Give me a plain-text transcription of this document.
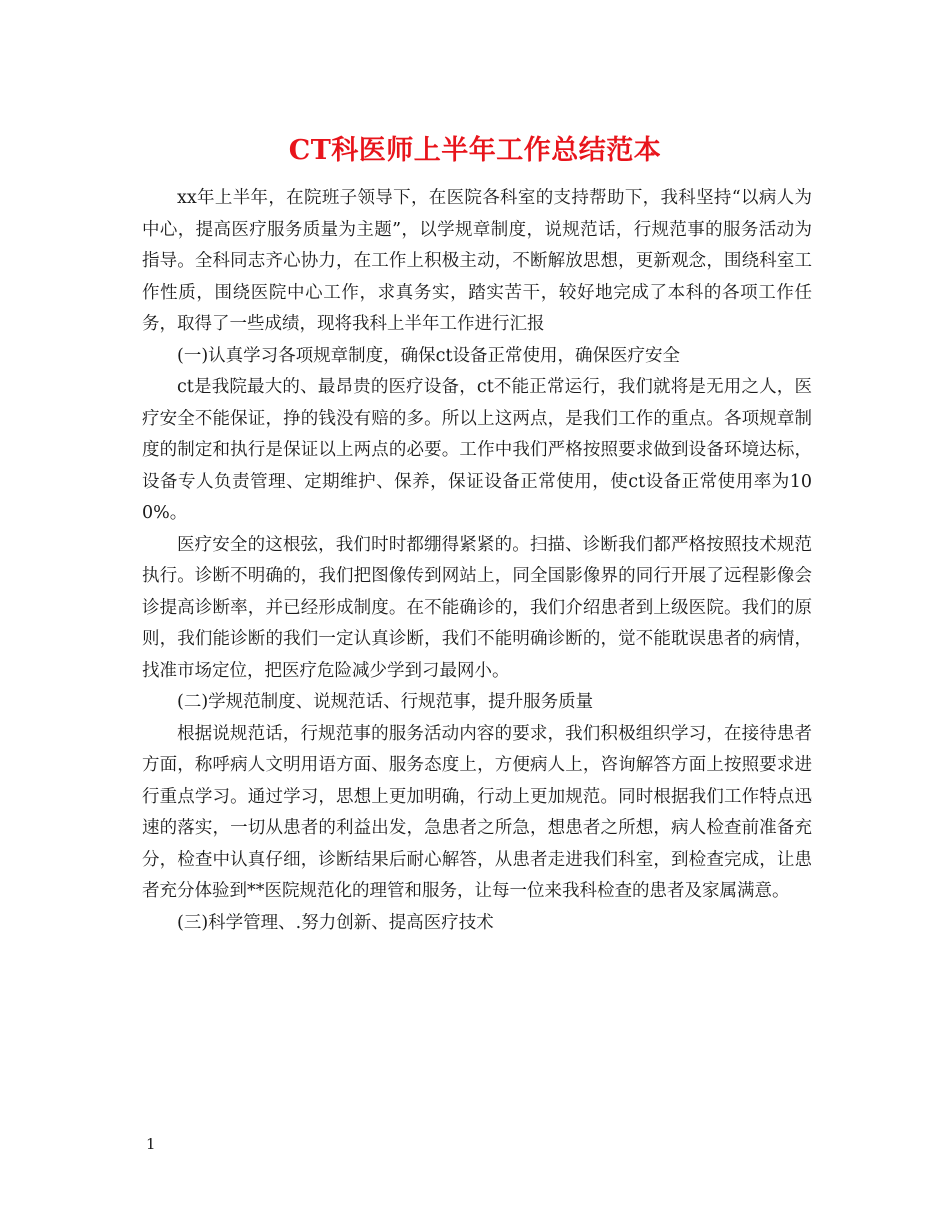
CT科医师上半年工作总结范本

xx年上半年，在院班子领导下，在医院各科室的支持帮助下，我科坚持“以病人为中心，提高医疗服务质量为主题”，以学规章制度，说规范话，行规范事的服务活动为指导。全科同志齐心协力，在工作上积极主动，不断解放思想，更新观念，围绕科室工作性质，围绕医院中心工作，求真务实，踏实苦干，较好地完成了本科的各项工作任务，取得了一些成绩，现将我科上半年工作进行汇报

(一)认真学习各项规章制度，确保ct设备正常使用，确保医疗安全

ct是我院最大的、最昂贵的医疗设备，ct不能正常运行，我们就将是无用之人，医疗安全不能保证，挣的钱没有赔的多。所以上这两点，是我们工作的重点。各项规章制度的制定和执行是保证以上两点的必要。工作中我们严格按照要求做到设备环境达标，设备专人负责管理、定期维护、保养，保证设备正常使用，使ct设备正常使用率为100%。

医疗安全的这根弦，我们时时都绷得紧紧的。扫描、诊断我们都严格按照技术规范执行。诊断不明确的，我们把图像传到网站上，同全国影像界的同行开展了远程影像会诊提高诊断率，并已经形成制度。在不能确诊的，我们介绍患者到上级医院。我们的原则，我们能诊断的我们一定认真诊断，我们不能明确诊断的，觉不能耽误患者的病情，找准市场定位，把医疗危险减少学到刁最网小。

(二)学规范制度、说规范话、行规范事，提升服务质量

根据说规范话，行规范事的服务活动内容的要求，我们积极组织学习，在接待患者方面，称呼病人文明用语方面、服务态度上，方便病人上，咨询解答方面上按照要求进行重点学习。通过学习，思想上更加明确，行动上更加规范。同时根据我们工作特点迅速的落实，一切从患者的利益出发，急患者之所急，想患者之所想，病人检查前准备充分，检查中认真仔细，诊断结果后耐心解答，从患者走进我们科室，到检查完成，让患者充分体验到**医院规范化的理管和服务，让每一位来我科检查的患者及家属满意。

(三)科学管理、.努力创新、提高医疗技术

1
